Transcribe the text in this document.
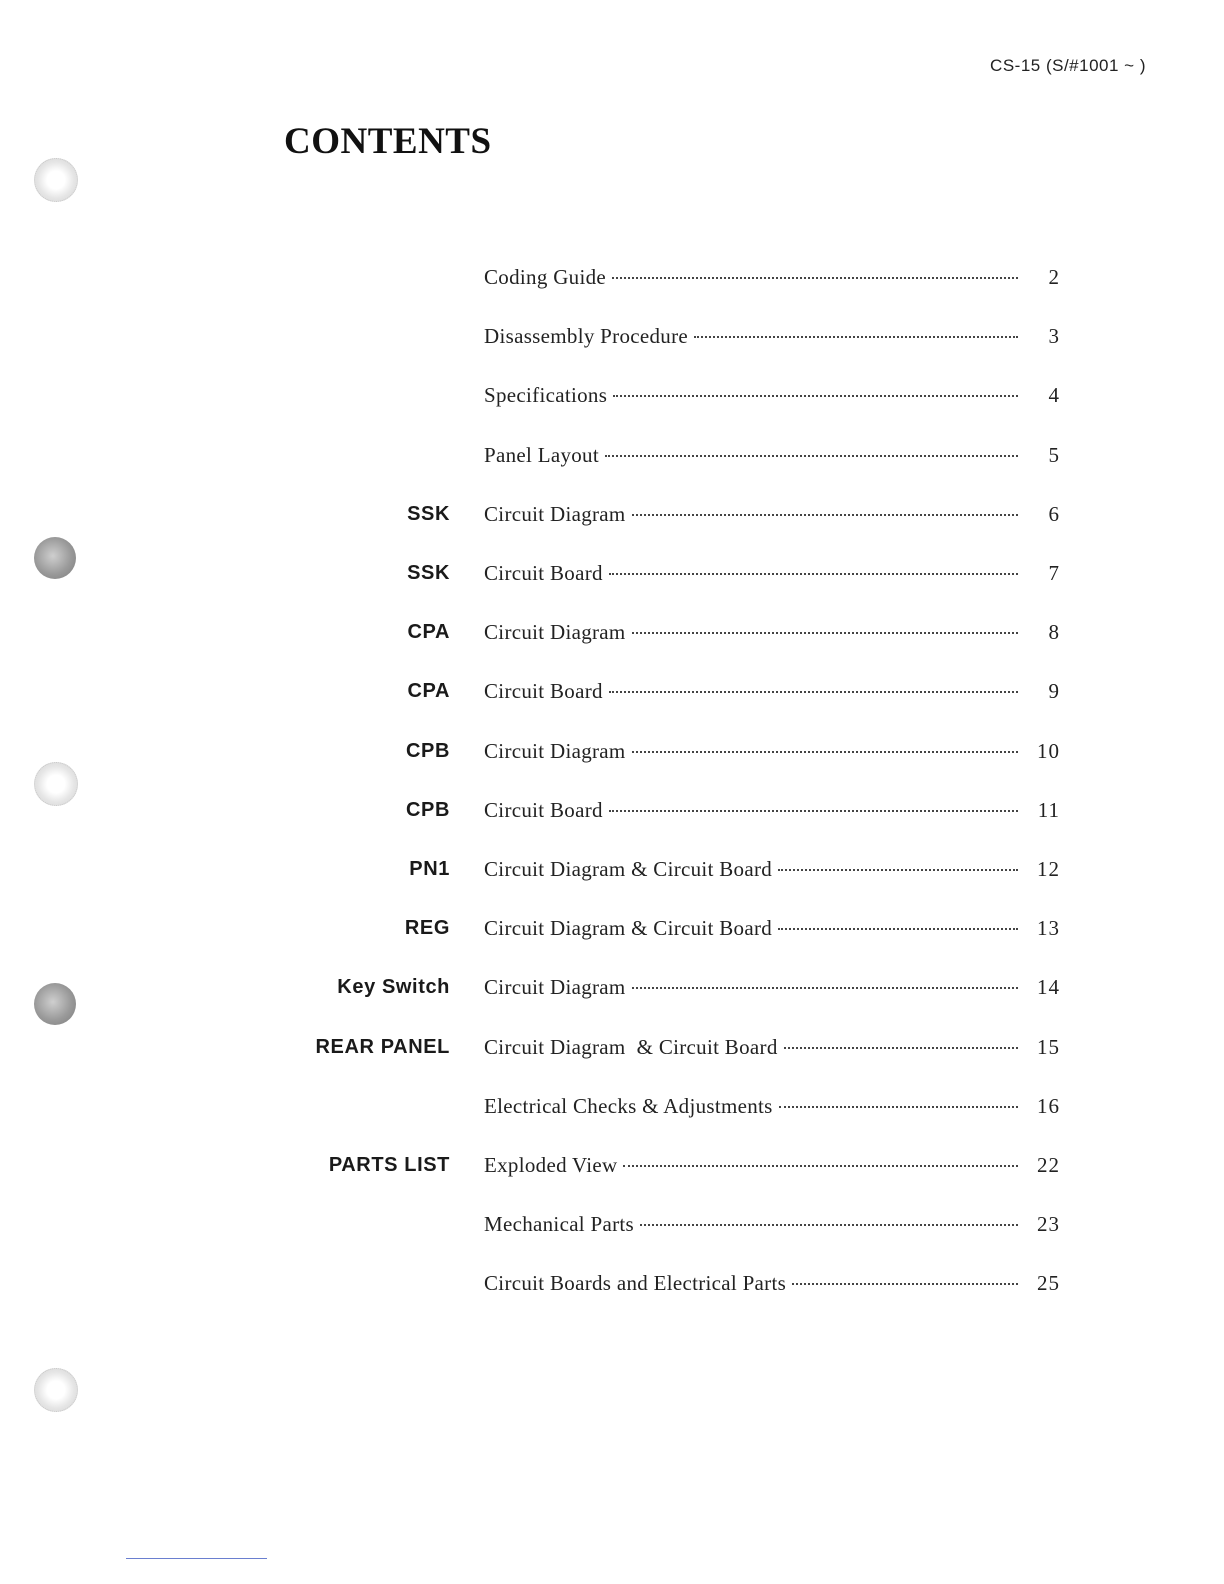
CS-15 (S/#1001 ~ )
CONTENTS
Coding Guide	2
Disassembly Procedure	3
Specifications	4
Panel Layout	5
SSK	Circuit Diagram	6
SSK	Circuit Board	7
CPA	Circuit Diagram	8
CPA	Circuit Board	9
CPB	Circuit Diagram	10
CPB	Circuit Board	11
PN1	Circuit Diagram & Circuit Board	12
REG	Circuit Diagram & Circuit Board	13
Key Switch	Circuit Diagram	14
REAR PANEL	Circuit Diagram  & Circuit Board	15
Electrical Checks & Adjustments	16
PARTS LIST	Exploded View	22
Mechanical Parts	23
Circuit Boards and Electrical Parts	25
